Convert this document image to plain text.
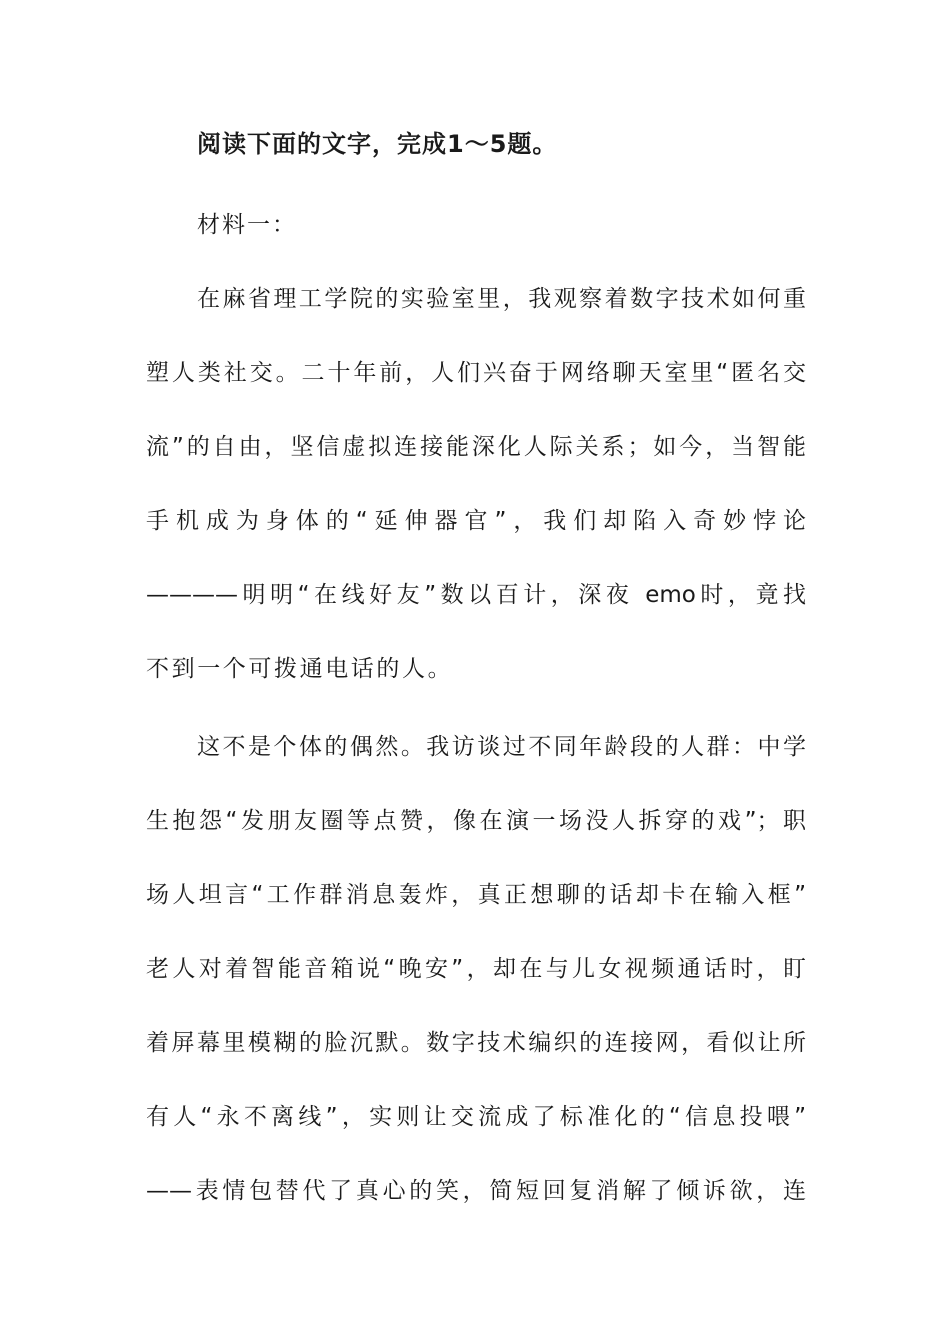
阅读下面的文字，完成1～5题。
材料一：
在麻省理工学院的实验室里，我观察着数字技术如何重
塑人类社交。二十年前，人们兴奋于网络聊天室里“匿名交
流”的自由，坚信虚拟连接能深化人际关系；如今，当智能
手机成为身体的“延伸器官”，我们却陷入奇妙悖论
————明明“在线好友”数以百计，深夜 emo时，竟找
不到一个可拨通电话的人。
这不是个体的偶然。我访谈过不同年龄段的人群：中学
生抱怨“发朋友圈等点赞，像在演一场没人拆穿的戏”；职
场人坦言“工作群消息轰炸，真正想聊的话却卡在输入框”
老人对着智能音箱说“晚安”，却在与儿女视频通话时，盯
着屏幕里模糊的脸沉默。数字技术编织的连接网，看似让所
有人“永不离线”，实则让交流成了标准化的“信息投喂”
——表情包替代了真心的笑，简短回复消解了倾诉欲，连
